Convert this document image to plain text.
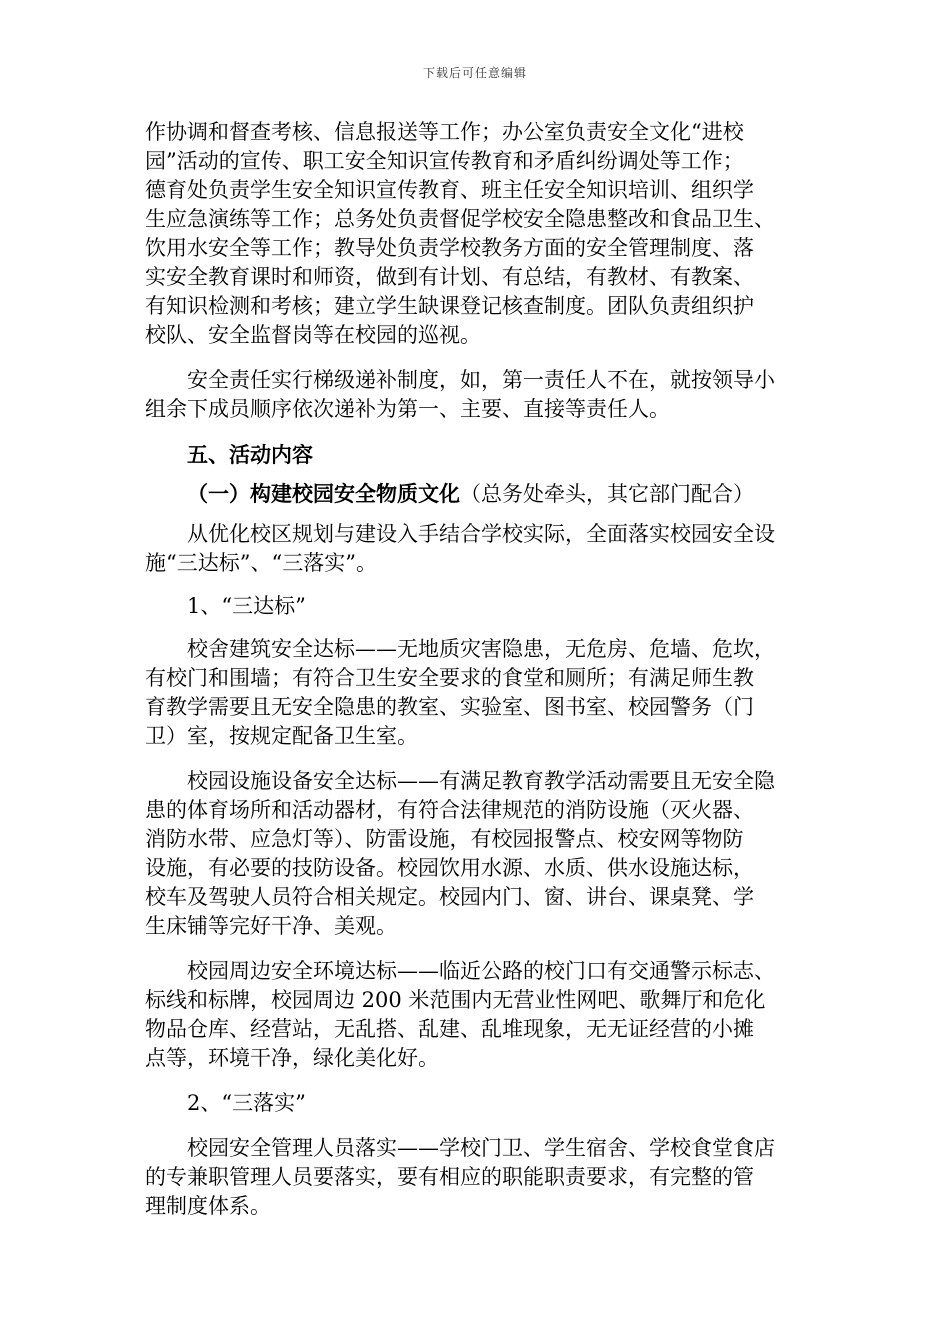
下载后可任意编辑
作协调和督查考核、信息报送等工作；办公室负责安全文化“进校
园”活动的宣传、职工安全知识宣传教育和矛盾纠纷调处等工作；
德育处负责学生安全知识宣传教育、班主任安全知识培训、组织学
生应急演练等工作；总务处负责督促学校安全隐患整改和食品卫生、
饮用水安全等工作；教导处负责学校教务方面的安全管理制度、落
实安全教育课时和师资，做到有计划、有总结，有教材、有教案、
有知识检测和考核；建立学生缺课登记核查制度。团队负责组织护
校队、安全监督岗等在校园的巡视。
安全责任实行梯级递补制度，如，第一责任人不在，就按领导小
组余下成员顺序依次递补为第一、主要、直接等责任人。
五、活动内容
（一）构建校园安全物质文化（总务处牵头，其它部门配合）
从优化校区规划与建设入手结合学校实际，全面落实校园安全设
施“三达标”、“三落实”。
1、“三达标”
校舍建筑安全达标——无地质灾害隐患，无危房、危墙、危坎，
有校门和围墙；有符合卫生安全要求的食堂和厕所；有满足师生教
育教学需要且无安全隐患的教室、实验室、图书室、校园警务（门
卫）室，按规定配备卫生室。
校园设施设备安全达标——有满足教育教学活动需要且无安全隐
患的体育场所和活动器材，有符合法律规范的消防设施（灭火器、
消防水带、应急灯等）、防雷设施，有校园报警点、校安网等物防
设施，有必要的技防设备。校园饮用水源、水质、供水设施达标，
校车及驾驶人员符合相关规定。校园内门、窗、讲台、课桌凳、学
生床铺等完好干净、美观。
校园周边安全环境达标——临近公路的校门口有交通警示标志、
标线和标牌，校园周边 200 米范围内无营业性网吧、歌舞厅和危化
物品仓库、经营站，无乱搭、乱建、乱堆现象，无无证经营的小摊
点等，环境干净，绿化美化好。
2、“三落实”
校园安全管理人员落实——学校门卫、学生宿舍、学校食堂食店
的专兼职管理人员要落实，要有相应的职能职责要求，有完整的管
理制度体系。
